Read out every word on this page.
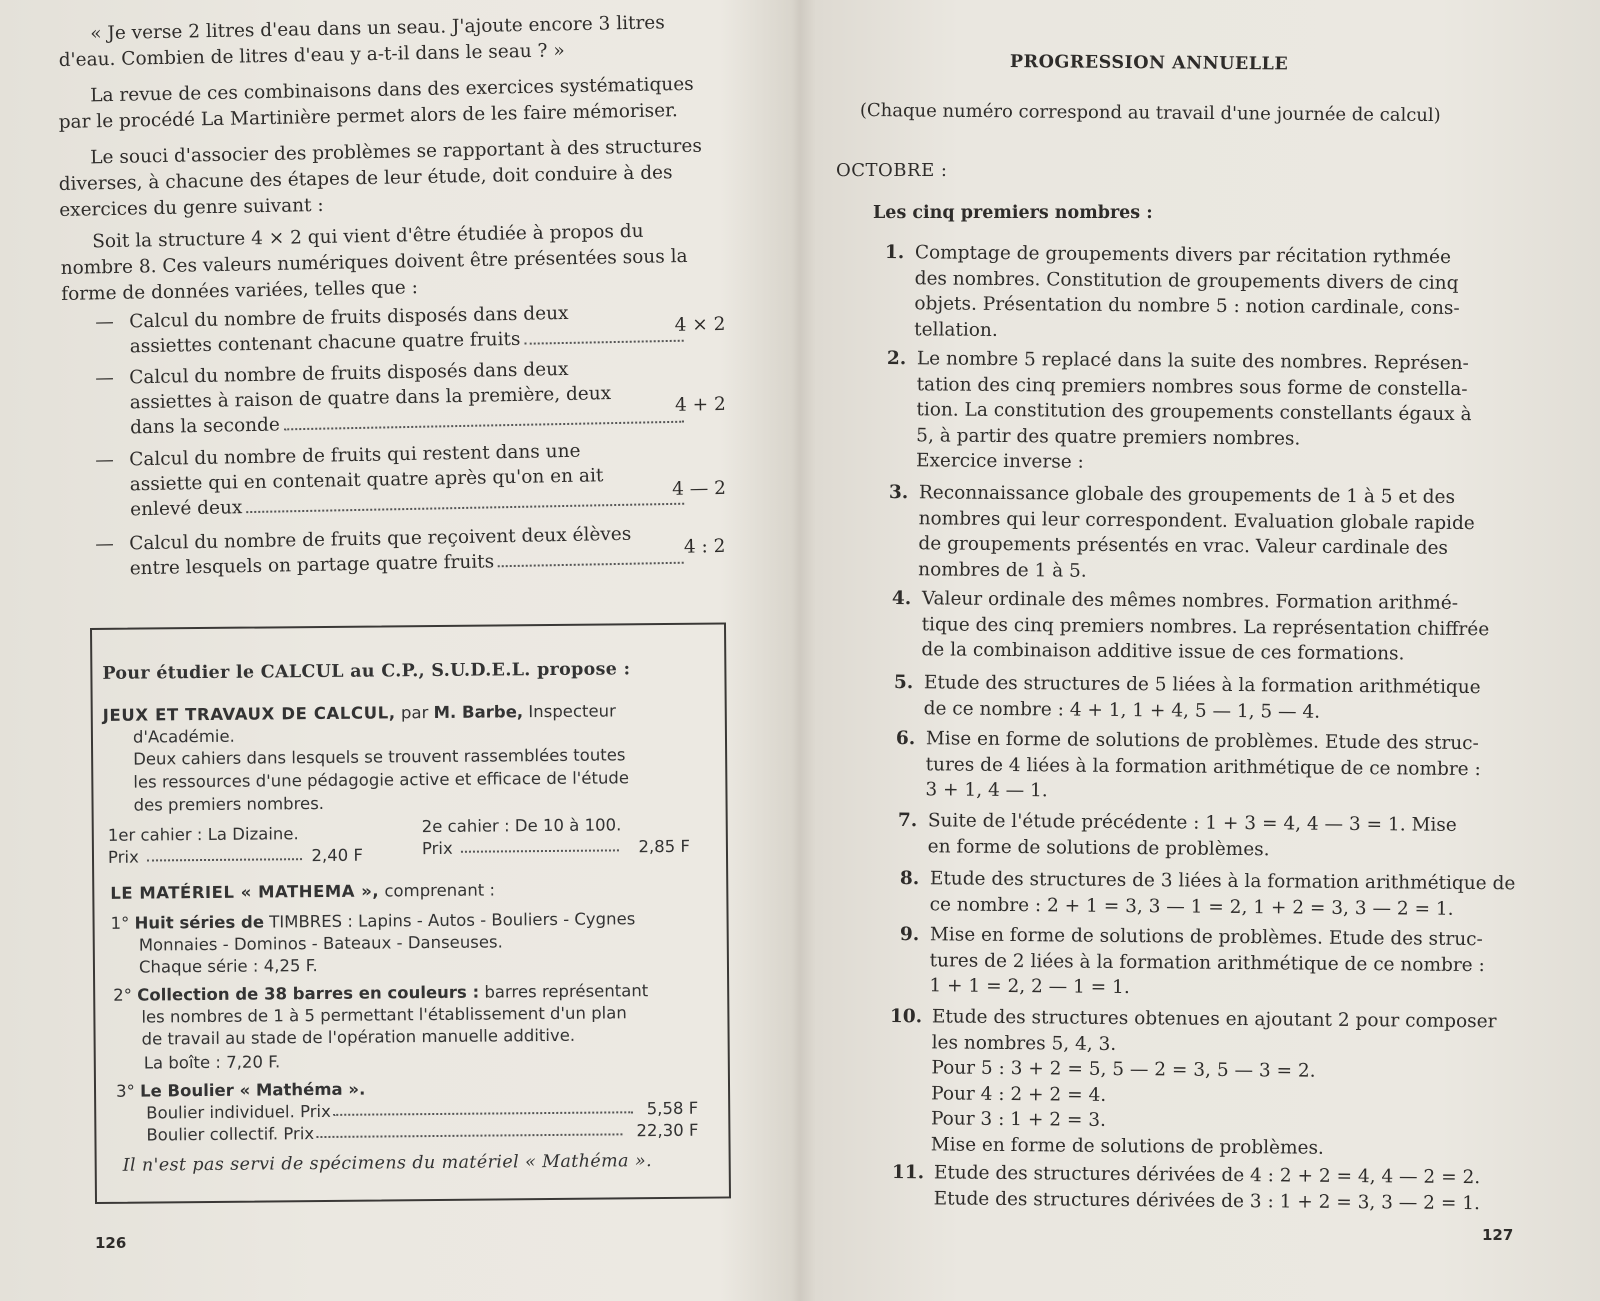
« Je verse 2 litres d'eau dans un seau. J'ajoute encore 3 litres
d'eau. Combien de litres d'eau y a-t-il dans le seau ? »
La revue de ces combinaisons dans des exercices systématiques
par le procédé La Martinière permet alors de les faire mémoriser.
Le souci d'associer des problèmes se rapportant à des structures
diverses, à chacune des étapes de leur étude, doit conduire à des
exercices du genre suivant :
Soit la structure 4 × 2 qui vient d'être étudiée à propos du
nombre 8. Ces valeurs numériques doivent être présentées sous la
forme de données variées, telles que :
— Calcul du nombre de fruits disposés dans deux
assiettes contenant chacune quatre fruits
4 × 2
— Calcul du nombre de fruits disposés dans deux
assiettes à raison de quatre dans la première, deux
dans la seconde
4 + 2
— Calcul du nombre de fruits qui restent dans une
assiette qui en contenait quatre après qu'on en ait
enlevé deux
4 — 2
— Calcul du nombre de fruits que reçoivent deux élèves
entre lesquels on partage quatre fruits
4 : 2
Pour étudier le CALCUL au C.P., S.U.D.E.L. propose :
JEUX ET TRAVAUX DE CALCUL, par M. Barbe, Inspecteur
d'Académie.
Deux cahiers dans lesquels se trouvent rassemblées toutes
les ressources d'une pédagogie active et efficace de l'étude
des premiers nombres.
1er cahier : La Dizaine.	2e cahier : De 10 à 100.
Prix	2,40 F	Prix	2,85 F
LE MATÉRIEL « MATHEMA », comprenant :
1° Huit séries de TIMBRES : Lapins - Autos - Bouliers - Cygnes
Monnaies - Dominos - Bateaux - Danseuses.
Chaque série : 4,25 F.
2° Collection de 38 barres en couleurs : barres représentant
les nombres de 1 à 5 permettant l'établissement d'un plan
de travail au stade de l'opération manuelle additive.
La boîte : 7,20 F.
3° Le Boulier « Mathéma ».
Boulier individuel. Prix	5,58 F
Boulier collectif. Prix	22,30 F
Il n'est pas servi de spécimens du matériel « Mathéma ».
126
PROGRESSION ANNUELLE
(Chaque numéro correspond au travail d'une journée de calcul)
OCTOBRE :
Les cinq premiers nombres :
1. Comptage de groupements divers par récitation rythmée
des nombres. Constitution de groupements divers de cinq
objets. Présentation du nombre 5 : notion cardinale, cons-
tellation.
2. Le nombre 5 replacé dans la suite des nombres. Représen-
tation des cinq premiers nombres sous forme de constella-
tion. La constitution des groupements constellants égaux à
5, à partir des quatre premiers nombres.
Exercice inverse :
3. Reconnaissance globale des groupements de 1 à 5 et des
nombres qui leur correspondent. Evaluation globale rapide
de groupements présentés en vrac. Valeur cardinale des
nombres de 1 à 5.
4. Valeur ordinale des mêmes nombres. Formation arithmé-
tique des cinq premiers nombres. La représentation chiffrée
de la combinaison additive issue de ces formations.
5. Etude des structures de 5 liées à la formation arithmétique
de ce nombre : 4 + 1, 1 + 4, 5 — 1, 5 — 4.
6. Mise en forme de solutions de problèmes. Etude des struc-
tures de 4 liées à la formation arithmétique de ce nombre :
3 + 1, 4 — 1.
7. Suite de l'étude précédente : 1 + 3 = 4, 4 — 3 = 1. Mise
en forme de solutions de problèmes.
8. Etude des structures de 3 liées à la formation arithmétique de
ce nombre : 2 + 1 = 3, 3 — 1 = 2, 1 + 2 = 3, 3 — 2 = 1.
9. Mise en forme de solutions de problèmes. Etude des struc-
tures de 2 liées à la formation arithmétique de ce nombre :
1 + 1 = 2, 2 — 1 = 1.
10. Etude des structures obtenues en ajoutant 2 pour composer
les nombres 5, 4, 3.
Pour 5 : 3 + 2 = 5, 5 — 2 = 3, 5 — 3 = 2.
Pour 4 : 2 + 2 = 4.
Pour 3 : 1 + 2 = 3.
Mise en forme de solutions de problèmes.
11. Etude des structures dérivées de 4 : 2 + 2 = 4, 4 — 2 = 2.
Etude des structures dérivées de 3 : 1 + 2 = 3, 3 — 2 = 1.
127
